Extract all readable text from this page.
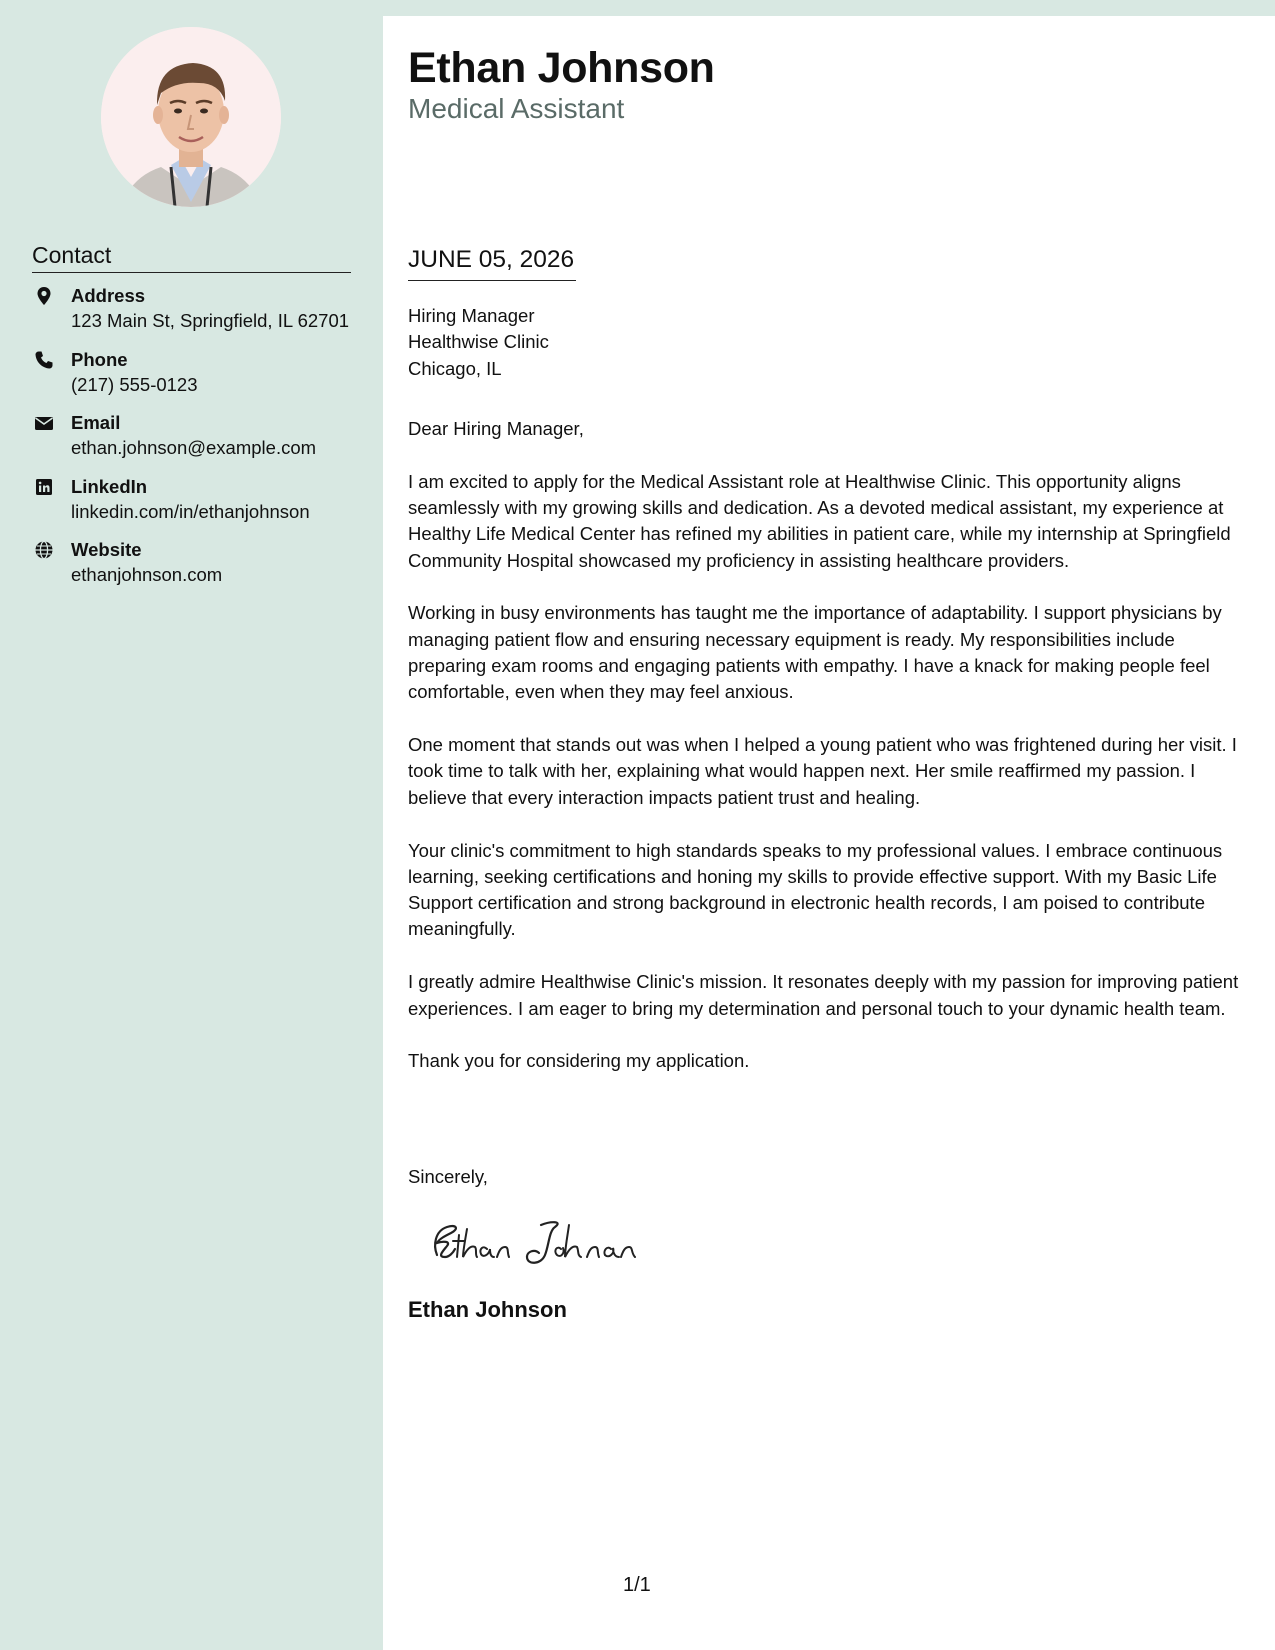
Contact
Address
123 Main St, Springfield, IL 62701
Phone
(217) 555-0123
Email
ethan.johnson@example.com
LinkedIn
linkedin.com/in/ethanjohnson
Website
ethanjohnson.com
Ethan Johnson
Medical Assistant
JUNE 05, 2026
Hiring Manager
Healthwise Clinic
Chicago, IL

Dear Hiring Manager,

I am excited to apply for the Medical Assistant role at Healthwise Clinic. This opportunity aligns seamlessly with my growing skills and dedication. As a devoted medical assistant, my experience at Healthy Life Medical Center has refined my abilities in patient care, while my internship at Springfield Community Hospital showcased my proficiency in assisting healthcare providers.

Working in busy environments has taught me the importance of adaptability. I support physicians by managing patient flow and ensuring necessary equipment is ready. My responsibilities include preparing exam rooms and engaging patients with empathy. I have a knack for making people feel comfortable, even when they may feel anxious.

One moment that stands out was when I helped a young patient who was frightened during her visit. I took time to talk with her, explaining what would happen next. Her smile reaffirmed my passion. I believe that every interaction impacts patient trust and healing.

Your clinic's commitment to high standards speaks to my professional values. I embrace continuous learning, seeking certifications and honing my skills to provide effective support. With my Basic Life Support certification and strong background in electronic health records, I am poised to contribute meaningfully.

I greatly admire Healthwise Clinic's mission. It resonates deeply with my passion for improving patient experiences. I am eager to bring my determination and personal touch to your dynamic health team.

Thank you for considering my application.

Sincerely,
Ethan Johnson
1/1
